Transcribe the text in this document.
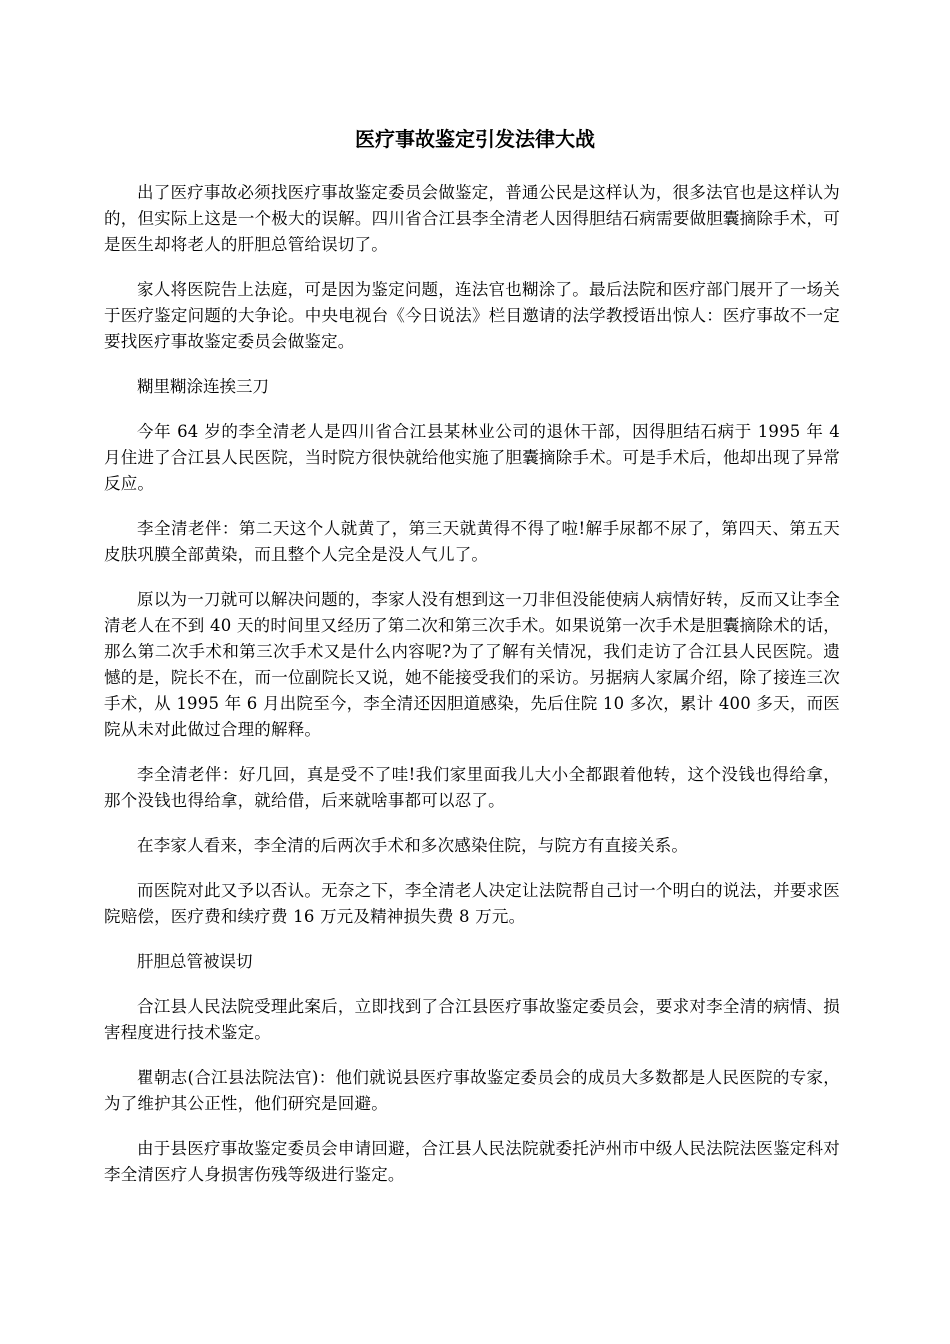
医疗事故鉴定引发法律大战

出了医疗事故必须找医疗事故鉴定委员会做鉴定，普通公民是这样认为，很多法官也是这样认为的，但实际上这是一个极大的误解。四川省合江县李全清老人因得胆结石病需要做胆囊摘除手术，可是医生却将老人的肝胆总管给误切了。

家人将医院告上法庭，可是因为鉴定问题，连法官也糊涂了。最后法院和医疗部门展开了一场关于医疗鉴定问题的大争论。中央电视台《今日说法》栏目邀请的法学教授语出惊人：医疗事故不一定要找医疗事故鉴定委员会做鉴定。

糊里糊涂连挨三刀

今年 64 岁的李全清老人是四川省合江县某林业公司的退休干部，因得胆结石病于 1995 年 4 月住进了合江县人民医院，当时院方很快就给他实施了胆囊摘除手术。可是手术后，他却出现了异常反应。

李全清老伴：第二天这个人就黄了，第三天就黄得不得了啦!解手尿都不尿了，第四天、第五天皮肤巩膜全部黄染，而且整个人完全是没人气儿了。

原以为一刀就可以解决问题的，李家人没有想到这一刀非但没能使病人病情好转，反而又让李全清老人在不到 40 天的时间里又经历了第二次和第三次手术。如果说第一次手术是胆囊摘除术的话，那么第二次手术和第三次手术又是什么内容呢?为了了解有关情况，我们走访了合江县人民医院。遗憾的是，院长不在，而一位副院长又说，她不能接受我们的采访。另据病人家属介绍，除了接连三次手术，从 1995 年 6 月出院至今，李全清还因胆道感染，先后住院 10 多次，累计 400 多天，而医院从未对此做过合理的解释。

李全清老伴：好几回，真是受不了哇!我们家里面我儿大小全都跟着他转，这个没钱也得给拿，那个没钱也得给拿，就给借，后来就啥事都可以忍了。

在李家人看来，李全清的后两次手术和多次感染住院，与院方有直接关系。

而医院对此又予以否认。无奈之下，李全清老人决定让法院帮自己讨一个明白的说法，并要求医院赔偿，医疗费和续疗费 16 万元及精神损失费 8 万元。

肝胆总管被误切

合江县人民法院受理此案后，立即找到了合江县医疗事故鉴定委员会，要求对李全清的病情、损害程度进行技术鉴定。

瞿朝志(合江县法院法官)：他们就说县医疗事故鉴定委员会的成员大多数都是人民医院的专家，为了维护其公正性，他们研究是回避。

由于县医疗事故鉴定委员会申请回避，合江县人民法院就委托泸州市中级人民法院法医鉴定科对李全清医疗人身损害伤残等级进行鉴定。
